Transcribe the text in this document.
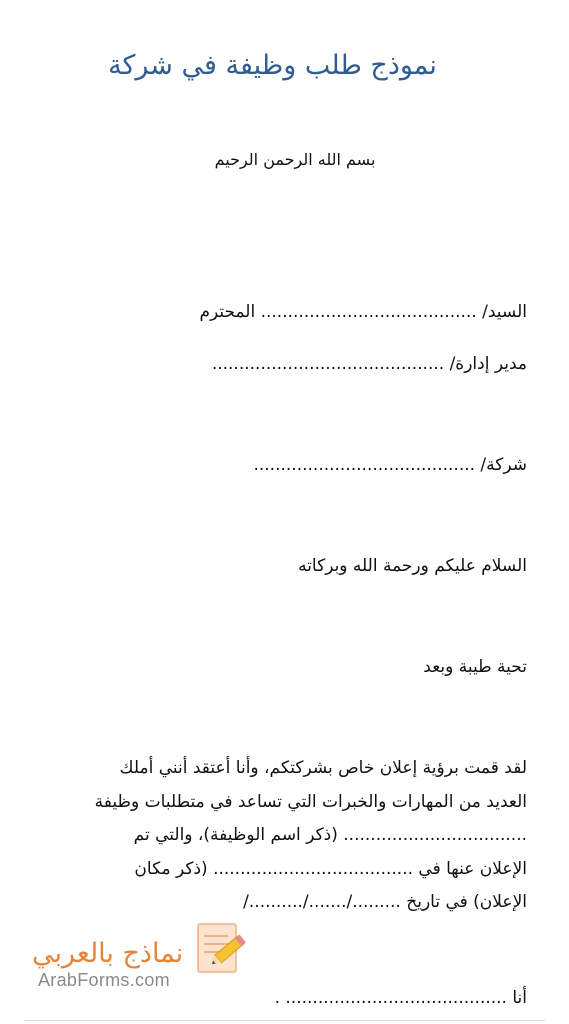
نموذج طلب وظيفة في شركة
بسم الله الرحمن الرحيم
السيد/ ........................................ المحترم
مدير إدارة/ ...........................................
شركة/ .........................................
السلام عليكم ورحمة الله وبركاته
تحية طيبة وبعد
لقد قمت برؤية إعلان خاص بشركتكم، وأنا أعتقد أنني أملك
العديد من المهارات والخبرات التي تساعد في متطلبات وظيفة
.................................. (ذكر اسم الوظيفة)، والتي تم
الإعلان عنها في ..................................... (ذكر مكان
الإعلان) في تاريخ ........./......./........../
أنا ......................................... .
نماذج بالعربي
ArabForms.com
